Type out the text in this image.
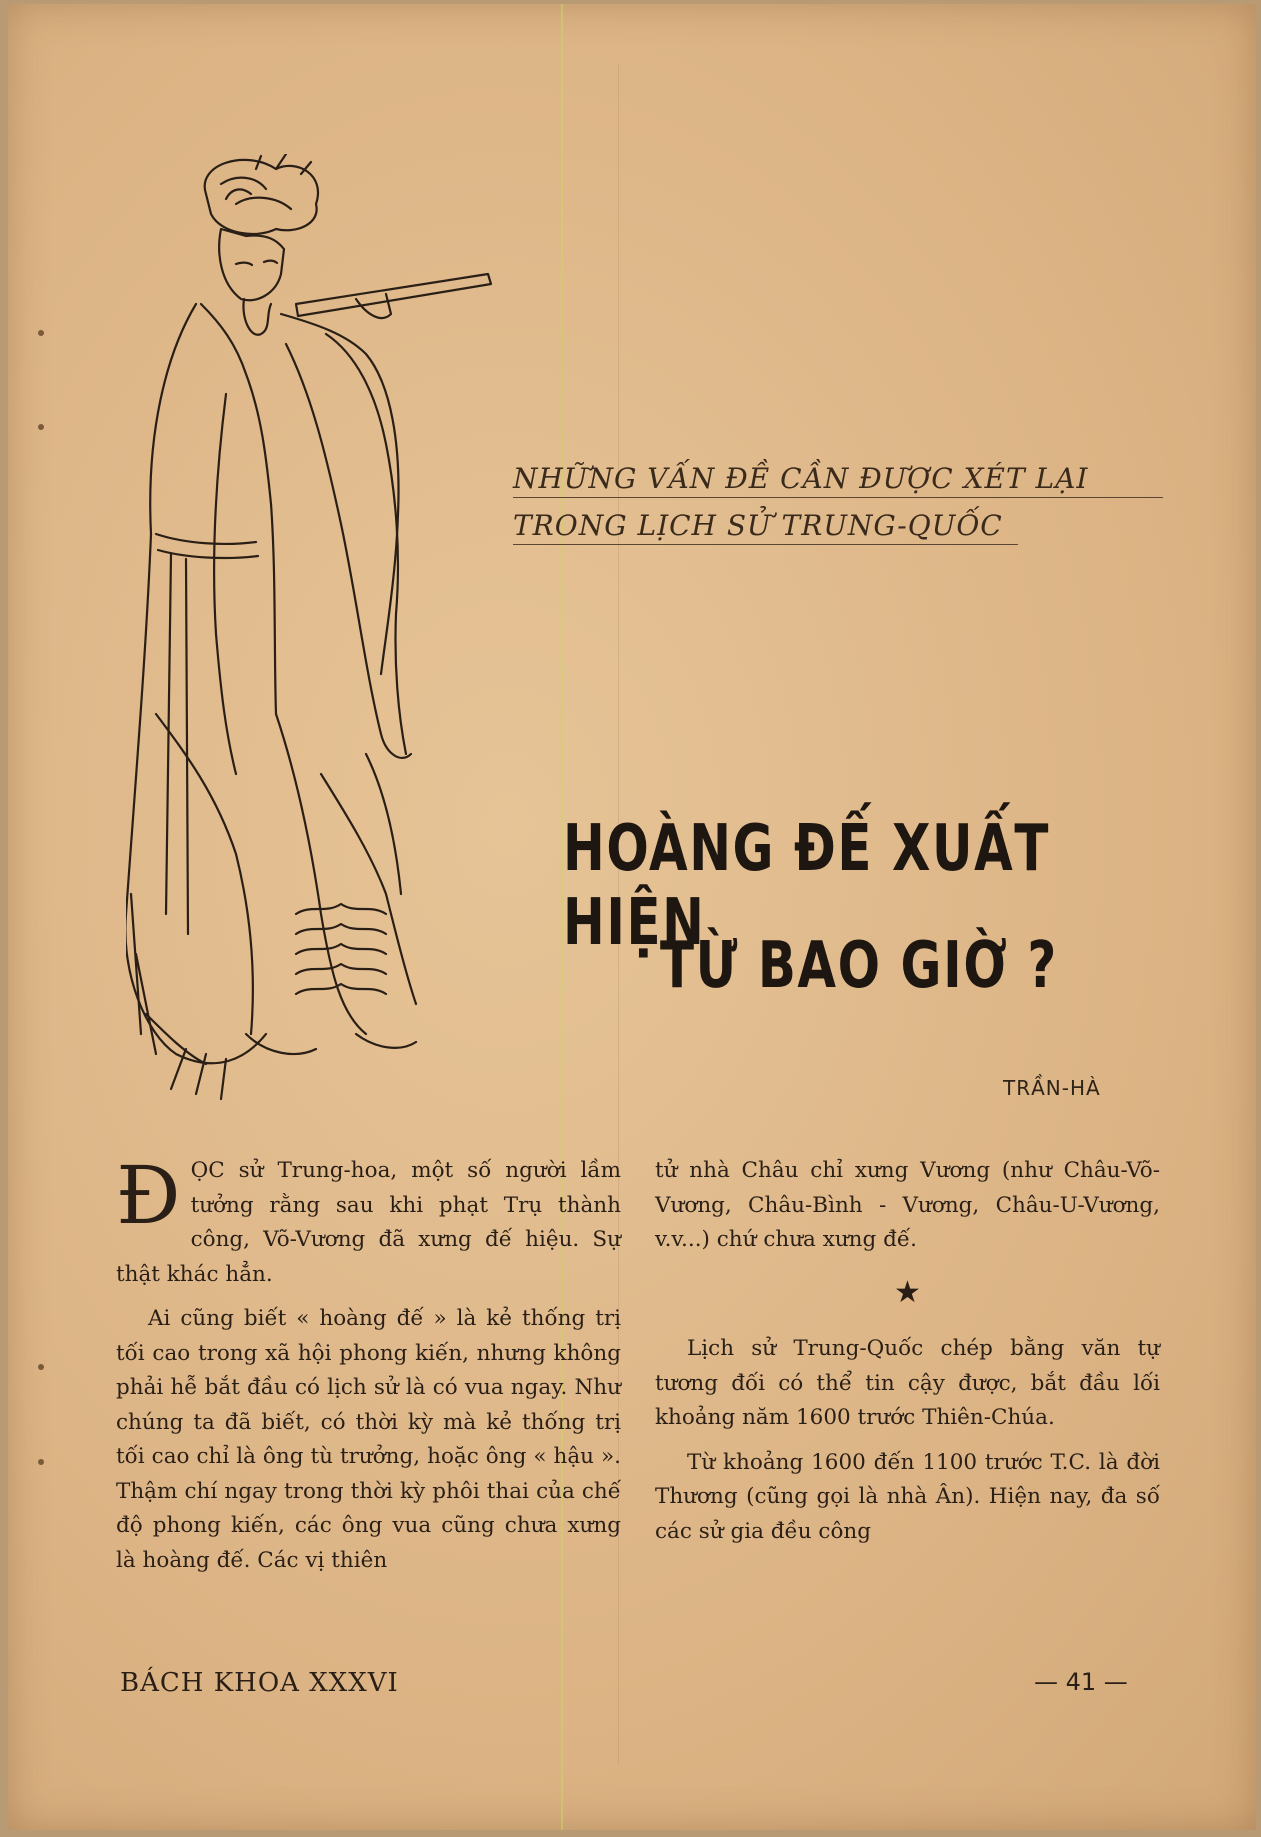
NHỮNG VẤN ĐỀ CẦN ĐƯỢC XÉT LẠI
TRONG LỊCH SỬ TRUNG-QUỐC
HOÀNG ĐẾ XUẤT HIỆN
TỪ BAO GIỜ ?
TRẦN-HÀ

ĐỌC sử Trung-hoa, một số người lầm tưởng rằng sau khi phạt Trụ thành công, Võ-Vương đã xưng đế hiệu. Sự thật khác hẳn.

Ai cũng biết « hoàng đế » là kẻ thống trị tối cao trong xã hội phong kiến, nhưng không phải hễ bắt đầu có lịch sử là có vua ngay. Như chúng ta đã biết, có thời kỳ mà kẻ thống trị tối cao chỉ là ông tù trưởng, hoặc ông « hậu ». Thậm chí ngay trong thời kỳ phôi thai của chế độ phong kiến, các ông vua cũng chưa xưng là hoàng đế. Các vị thiên

tử nhà Châu chỉ xưng Vương (như Châu-Võ-Vương, Châu-Bình - Vương, Châu-U-Vương, v.v...) chứ chưa xưng đế.

★

Lịch sử Trung-Quốc chép bằng văn tự tương đối có thể tin cậy được, bắt đầu lối khoảng năm 1600 trước Thiên-Chúa.

Từ khoảng 1600 đến 1100 trước T.C. là đời Thương (cũng gọi là nhà Ân). Hiện nay, đa số các sử gia đều công

BÁCH KHOA XXXVI	— 41 —
